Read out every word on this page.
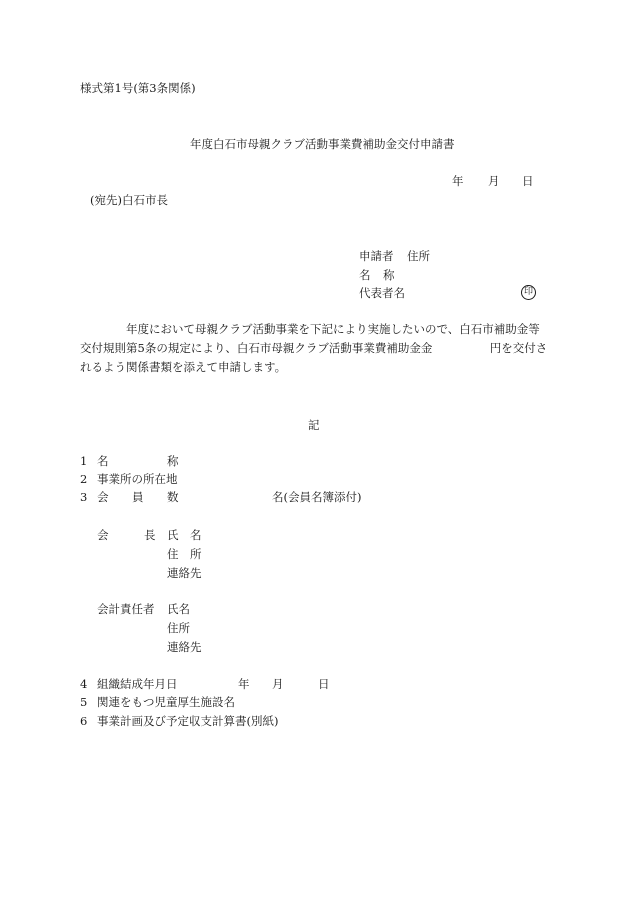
様式第1号(第3条関係)
年度白石市母親クラブ活動事業費補助金交付申請書
年 月 日
(宛先)白石市長
申請者 住所
名 称
代表者名	印
年度において母親クラブ活動事業を下記により実施したいので、白石市補助金等交付規則第5条の規定により、白石市母親クラブ活動事業費補助金金　　　　　円を交付されるよう関係書類を添えて申請します。
記
1 名	称
2 事業所の所在地
3 会 員 数	名(会員名簿添付)
会	長 氏 名
住 所
連絡先
会計責任者 氏名
住所
連絡先
4 組織結成年月日	年 月	日
5 関連をもつ児童厚生施設名
6 事業計画及び予定収支計算書(別紙)
